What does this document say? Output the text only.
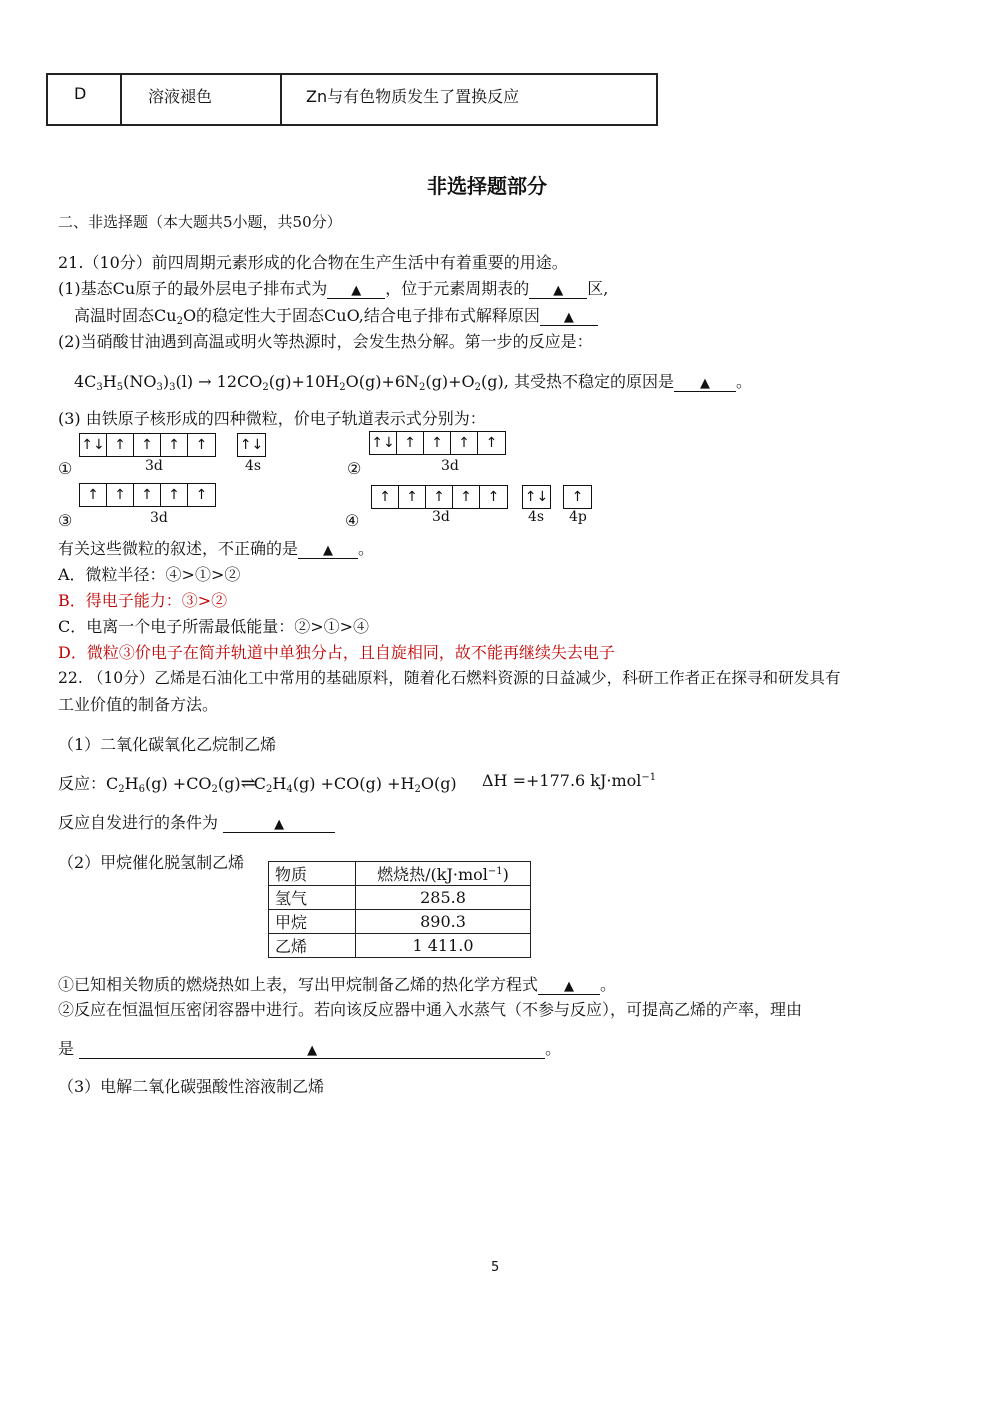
D	溶液褪色	Zn与有色物质发生了置换反应
非选择题部分
二、非选择题（本大题共5小题，共50分）
21.（10分）前四周期元素形成的化合物在生产生活中有着重要的用途。
(1)基态Cu原子的最外层电子排布式为 ▲ ，位于元素周期表的 ▲ 区,
高温时固态$Cu_2O$的稳定性大于固态CuO,结合电子排布式解释原因 ▲
(2)当硝酸甘油遇到高温或明火等热源时，会发生热分解。第一步的反应是：
$4C_3H_5(NO_3)_3(l) \to 12CO_2(g)+10H_2O(g)+6N_2(g)+O_2(g)$, 其受热不稳定的原因是 ▲ 。
(3) 由铁原子核形成的四种微粒，价电子轨道表示式分别为：
↑↓ ↑	↑	↑	↑	↑↓
①	3d	4s
↑↓ ↑	↑	↑	↑
②	3d
↑	↑	↑	↑	↑
③	3d
↑	↑	↑	↑	↑	↑↓	↑
④	3d	4s 4p
有关这些微粒的叙述，不正确的是 ▲ 。
A．微粒半径：④>①>②
B．得电子能力：③>②
C．电离一个电子所需最低能量：②>①>④
D．微粒③价电子在简并轨道中单独分占，且自旋相同，故不能再继续失去电子
22. （10分）乙烯是石油化工中常用的基础原料，随着化石燃料资源的日益减少，科研工作者正在探寻和研发具有
工业价值的制备方法。
（1）二氧化碳氧化乙烷制乙烯
反应：$C_2H_6(g)$ $+CO_2(g)\rightleftharpoons C_2H_4(g) +CO(g) +H_2O(g)$ ΔH =+177.6 kJ·mol$^{-1}$
反应自发进行的条件为	▲
（2）甲烷催化脱氢制乙烯
物质	燃烧热/(kJ·mol$^{-1}$)
氢气	285.8
甲烷	890.3
乙烯	1 411.0
①已知相关物质的燃烧热如上表，写出甲烷制备乙烯的热化学方程式 ▲ 。
②反应在恒温恒压密闭容器中进行。若向该反应器中通入水蒸气（不参与反应），可提高乙烯的产率，理由
是	▲	。
（3）电解二氧化碳强酸性溶液制乙烯
5
